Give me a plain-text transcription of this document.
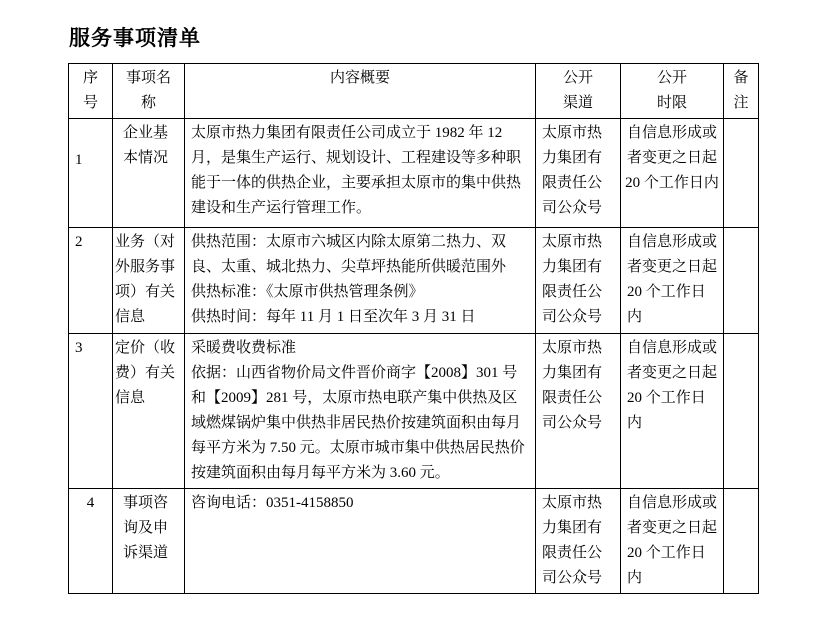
服务事项清单
序号	事项名称	内容概要	公开渠道	公开时限	备注
1	企业基本情况	太原市热力集团有限责任公司成立于 1982 年 12 月，是集生产运行、规划设计、工程建设等多种职能于一体的供热企业，主要承担太原市的集中供热建设和生产运行管理工作。	太原市热力集团有限责任公司公众号	自信息形成或者变更之日起 20 个工作日内	
2	业务（对外服务事项）有关信息	供热范围：太原市六城区内除太原第二热力、双良、太重、城北热力、尖草坪热能所供暖范围外

供热标准：《太原市供热管理条例》

供热时间：每年 11 月 1 日至次年 3 月 31 日	太原市热力集团有限责任公司公众号	自信息形成或者变更之日起 20 个工作日内	
3	定价（收费）有关信息	采暖费收费标准

依据：山西省物价局文件晋价商字【2008】301 号和【2009】281 号，太原市热电联产集中供热及区域燃煤锅炉集中供热非居民热价按建筑面积由每月每平方米为 7.50 元。太原市城市集中供热居民热价按建筑面积由每月每平方米为 3.60 元。	太原市热力集团有限责任公司公众号	自信息形成或者变更之日起 20 个工作日内	
4	事项咨询及申诉渠道	咨询电话：0351-4158850	太原市热力集团有限责任公司公众号	自信息形成或者变更之日起 20 个工作日内	
